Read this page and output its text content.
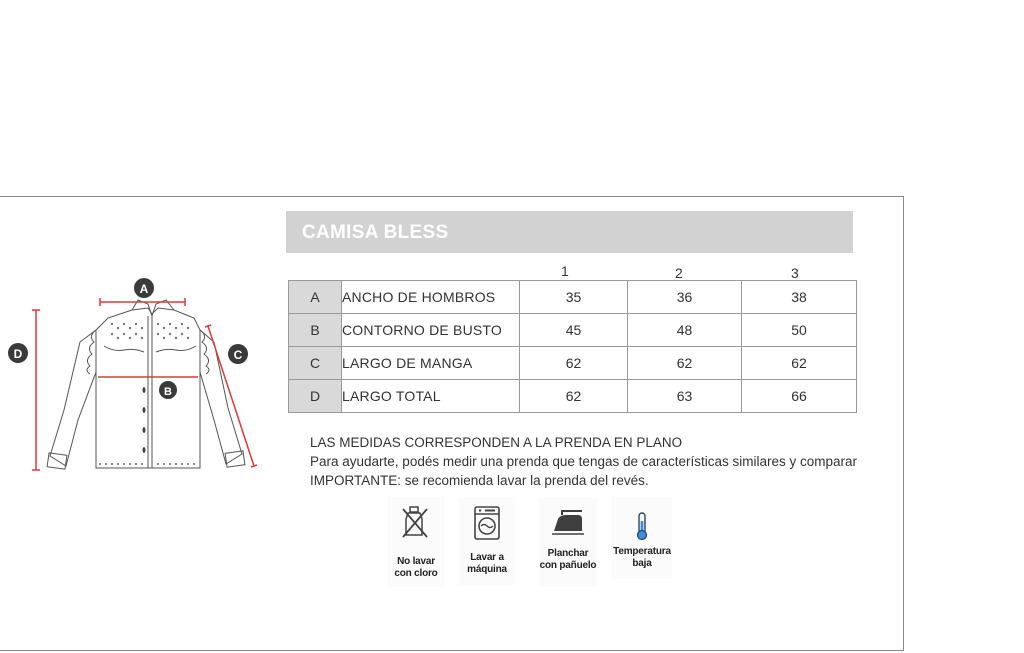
CAMISA BLESS
A
B
C
D
1	2	3
A	ANCHO DE HOMBROS	35	36	38
B	CONTORNO DE BUSTO	45	48	50
C	LARGO DE MANGA	62	62	62
D	LARGO TOTAL	62	63	66
LAS MEDIDAS CORRESPONDEN A LA PRENDA EN PLANO
Para ayudarte, podés medir una prenda que tengas de características similares y comparar
IMPORTANTE: se recomienda lavar la prenda del revés.
No lavar
con cloro
Lavar a
máquina
Planchar
con pañuelo
Temperatura
baja
